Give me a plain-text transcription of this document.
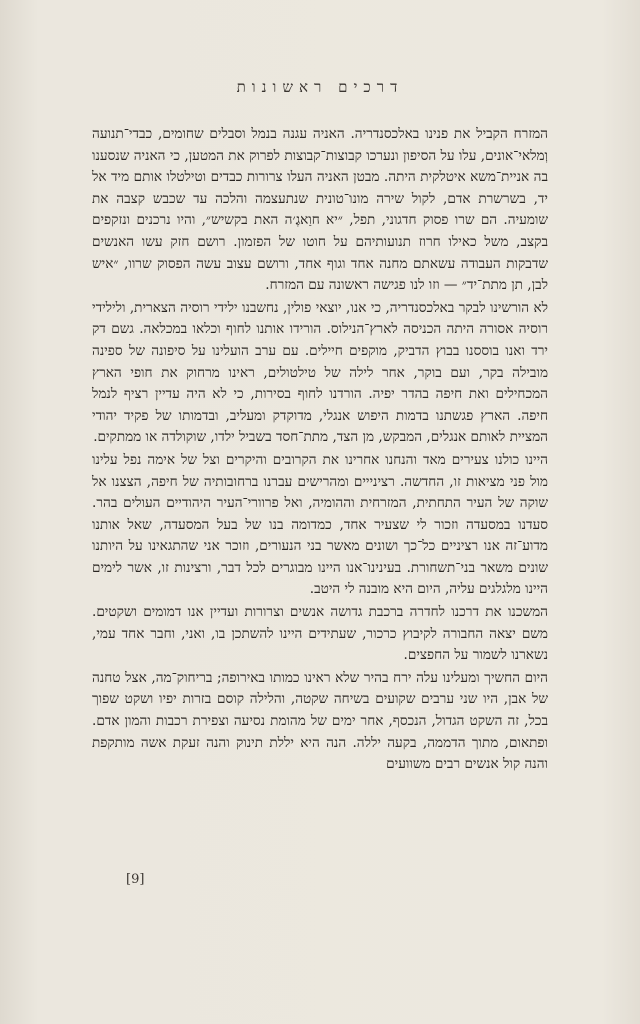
דרכים ראשונות

המזרח הקביל את פנינו באלכסנדריה. האניה עגנה בנמל וסבלים שחומים, כבדי־תנועה וְמלאי־אונים, עלו על הסיפון ונערכו קבוצות־קבוצות לפרוק את המטען, כי האניה שנסענו בה אניית־משא איטלקית היתה. מבטן האניה העלו צרורות כבדים וטילטלו אותם מיד אל יד, בשרשרת אדם, לקול שירה מונו־טונית שנתעצמה והלכה עד שכבש קצבה את שומעיה. הם שרו פסוק חדגוני, תפל, ״יא חוַאגֶ׳ה האת בקשיש״, והיו נרכנים ונזקפים בקצב, משל כאילו חרוז תנועותיהם על חוטו של הפזמון. רושם חזק עשו האנשים שדבקות העבודה עשאתם מחנה אחד וגוף אחד, ורושם עצוב עשה הפסוק שרוו, ״איש לבן, תן מתת־יד״ — וזו לנו פגישה ראשונה עם המזרח.

לא הורשינו לבקר באלכסנדריה, כי אנו, יוצאי פולין, נחשבנו ילידי רוסיה הצארית, ולילידי רוסיה אסורה היתה הכניסה לארץ־הנילוס. הורידו אותנו לחוף וכלאו במכלאה. גשם דק ירד ואנו בוססנו בבוץ הדביק, מוקפים חיילים. עם ערב הועלינו על סיפונה של ספינה מובילה בקר, ועם בוקר, אחר לילה של טילטולים, ראינו מרחוק את חופי הארץ המכחילים ואת חיפה בהדר יפיה. הורדנו לחוף בסירות, כי לא היה עדיין רציף לנמל חיפה. הארץ פגשתנו בדמות היפוש אנגלי, מדוקדק ומעליב, ובדמותו של פקיד יהודי המציית לאותם אנגלים, המבקש, מן הצד, מתת־חסד בשביל ילדו, שוקולדה או ממתקים.

היינו כולנו צעירים מאד והנחנו אחרינו את הקרובים והיקרים וצל של אימה נפל עלינו מול פני מציאות זו, החדשה. רצינייים ומהרישים עברנו ברחובותיה של חיפה, הצצנו אל שוקה של העיר התחתית, המזרחית וההומיה, ואל פרוורי־העיר היהודיים העולים בהר. סעדנו במסעדה וזכור לי שצעיר אחד, כמדומה בנו של בעל המסעדה, שאל אותנו מדוע־זה אנו רציניים כל־כך ושונים מאשר בני הנעורים, וזוכר אני שהתגאינו על היותנו שונים משאר בני־תשחורת. בעינינו־אנו היינו מבוגרים לכל דבר, ורצינות זו, אשר לימים היינו מלגלגים עליה, היום היא מובנה לי היטב.

המשכנו את דרכנו לחדרה ברכבת גדושה אנשים וצרורות ועדיין אנו דמומים ושקטים. משם יצאה החבורה לקיבוץ כרכור, שעתידים היינו להשתכן בו, ואני, וחבר אחד עמי, נשארנו לשמור על החפצים.

היום החשיך ומעלינו עלה ירח בהיר שלא ראינו כמותו באירופה; בריחוק־מה, אצל טחנה של אבן, היו שני ערבים שקועים בשיחה שקטה, והלילה קוסם בזרות יפיו ושקט שפוך בכל, זה השקט הגדול, הנכסף, אחר ימים של מהומת נסיעה וצפירת רכבות והמון אדם. ופתאום, מתוך הדממה, בקעה יללה. הנה היא יללת תינוק והנה זעקת אשה מותקפת והנה קול אנשים רבים משוועים

[9]
